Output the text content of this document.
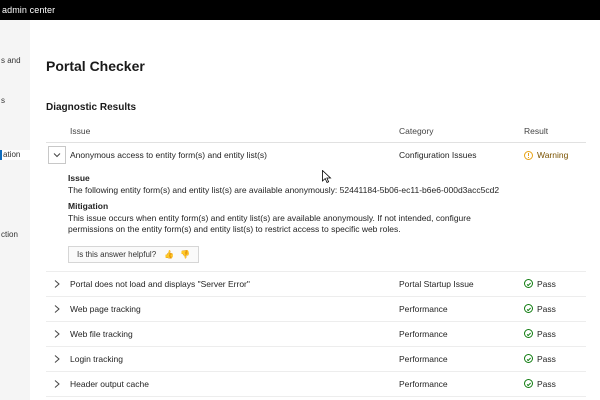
admin center
s and
s
ation
ction
Portal Checker
Diagnostic Results
Issue	Category	Result
Anonymous access to entity form(s) and entity list(s)	Configuration Issues	Warning
Issue

The following entity form(s) and entity list(s) are available anonymously: 52441184-5b06-ec11-b6e6-000d3acc5cd2

Mitigation

This issue occurs when entity form(s) and entity list(s) are available anonymously. If not intended, configure permissions on the entity form(s) and entity list(s) to restrict access to specific web roles.

Is this answer helpful? 👍 👎
Portal does not load and displays "Server Error"	Portal Startup Issue	Pass
Web page tracking	Performance	Pass
Web file tracking	Performance	Pass
Login tracking	Performance	Pass
Header output cache	Performance	Pass
